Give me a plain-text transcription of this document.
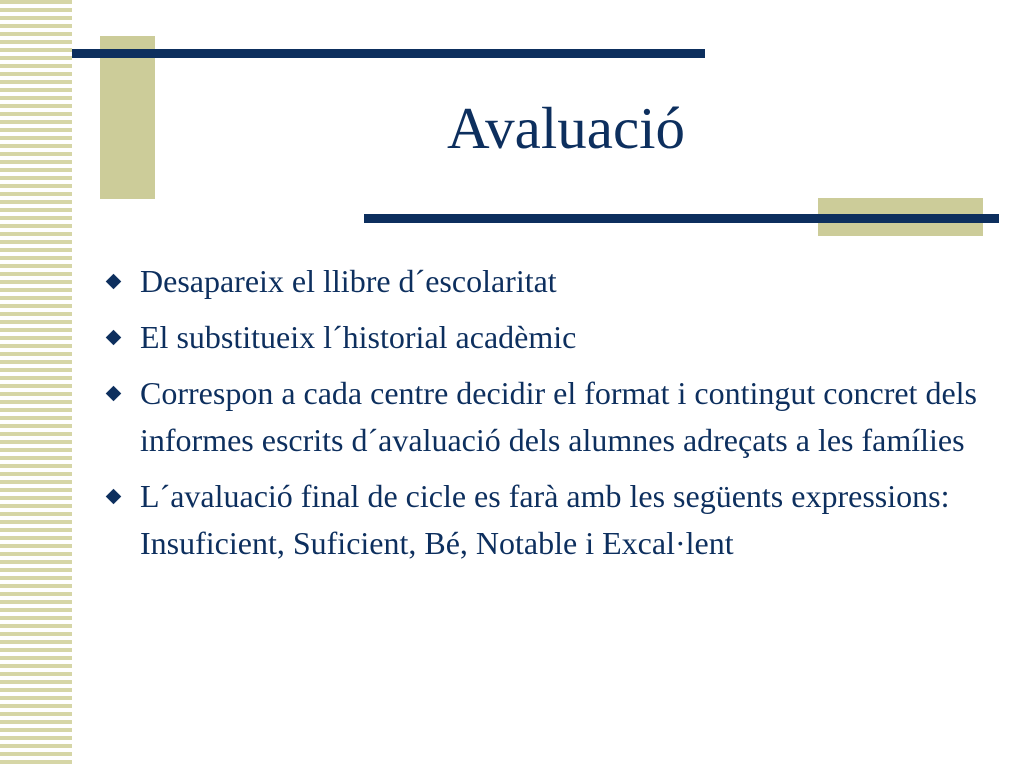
Avaluació
Desapareix el llibre d´escolaritat
El substitueix l´historial acadèmic
Correspon a cada centre decidir el format i contingut concret dels informes escrits d´avaluació dels alumnes adreçats a les famílies
L´avaluació final de cicle es farà amb les següents expressions: Insuficient, Suficient, Bé, Notable i Excal·lent
